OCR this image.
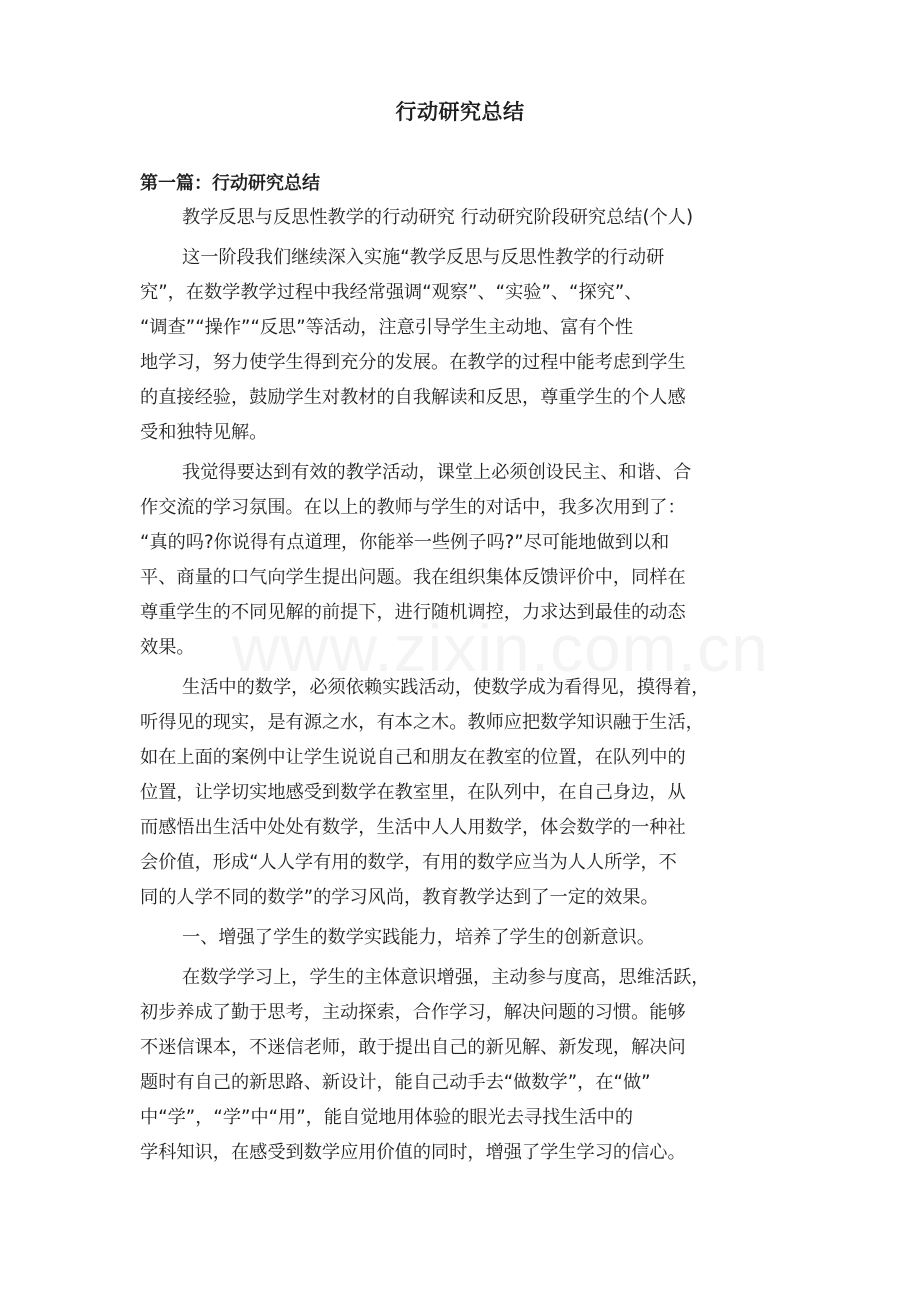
行动研究总结
第一篇：行动研究总结
教学反思与反思性教学的行动研究 行动研究阶段研究总结(个人)
这一阶段我们继续深入实施“教学反思与反思性教学的行动研
究”，在数学教学过程中我经常强调“观察”、“实验”、“探究”、
“调查”“操作”“反思”等活动，注意引导学生主动地、富有个性
地学习，努力使学生得到充分的发展。在教学的过程中能考虑到学生
的直接经验，鼓励学生对教材的自我解读和反思，尊重学生的个人感
受和独特见解。
我觉得要达到有效的教学活动，课堂上必须创设民主、和谐、合
作交流的学习氛围。在以上的教师与学生的对话中，我多次用到了：
“真的吗?你说得有点道理，你能举一些例子吗?”尽可能地做到以和
平、商量的口气向学生提出问题。我在组织集体反馈评价中，同样在
尊重学生的不同见解的前提下，进行随机调控，力求达到最佳的动态
效果。
生活中的数学，必须依赖实践活动，使数学成为看得见，摸得着，
听得见的现实，是有源之水，有本之木。教师应把数学知识融于生活，
如在上面的案例中让学生说说自己和朋友在教室的位置，在队列中的
位置，让学切实地感受到数学在教室里，在队列中，在自己身边，从
而感悟出生活中处处有数学，生活中人人用数学，体会数学的一种社
会价值，形成“人人学有用的数学，有用的数学应当为人人所学，不
同的人学不同的数学”的学习风尚，教育教学达到了一定的效果。
一、增强了学生的数学实践能力，培养了学生的创新意识。
在数学学习上，学生的主体意识增强，主动参与度高，思维活跃，
初步养成了勤于思考，主动探索，合作学习，解决问题的习惯。能够
不迷信课本，不迷信老师，敢于提出自己的新见解、新发现，解决问
题时有自己的新思路、新设计，能自己动手去“做数学”，在“做”
中“学”，“学”中“用”，能自觉地用体验的眼光去寻找生活中的
学科知识，在感受到数学应用价值的同时，增强了学生学习的信心。
